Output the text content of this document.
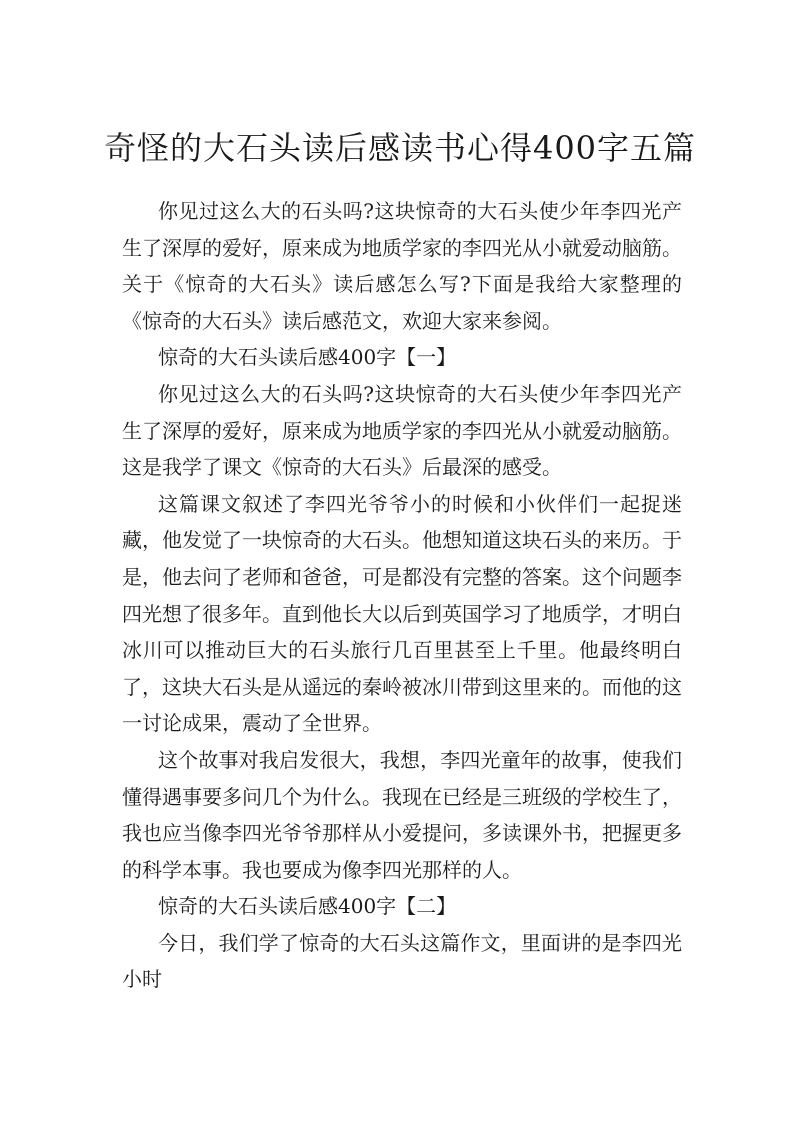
奇怪的大石头读后感读书心得400字五篇

你见过这么大的石头吗?这块惊奇的大石头使少年李四光产生了深厚的爱好，原来成为地质学家的李四光从小就爱动脑筋。关于《惊奇的大石头》读后感怎么写?下面是我给大家整理的《惊奇的大石头》读后感范文，欢迎大家来参阅。

惊奇的大石头读后感400字【一】

你见过这么大的石头吗?这块惊奇的大石头使少年李四光产生了深厚的爱好，原来成为地质学家的李四光从小就爱动脑筋。这是我学了课文《惊奇的大石头》后最深的感受。

这篇课文叙述了李四光爷爷小的时候和小伙伴们一起捉迷藏，他发觉了一块惊奇的大石头。他想知道这块石头的来历。于是，他去问了老师和爸爸，可是都没有完整的答案。这个问题李四光想了很多年。直到他长大以后到英国学习了地质学，才明白冰川可以推动巨大的石头旅行几百里甚至上千里。他最终明白了，这块大石头是从遥远的秦岭被冰川带到这里来的。而他的这一讨论成果，震动了全世界。

这个故事对我启发很大，我想，李四光童年的故事，使我们懂得遇事要多问几个为什么。我现在已经是三班级的学校生了，我也应当像李四光爷爷那样从小爱提问，多读课外书，把握更多的科学本事。我也要成为像李四光那样的人。

惊奇的大石头读后感400字【二】

今日，我们学了惊奇的大石头这篇作文，里面讲的是李四光小时
